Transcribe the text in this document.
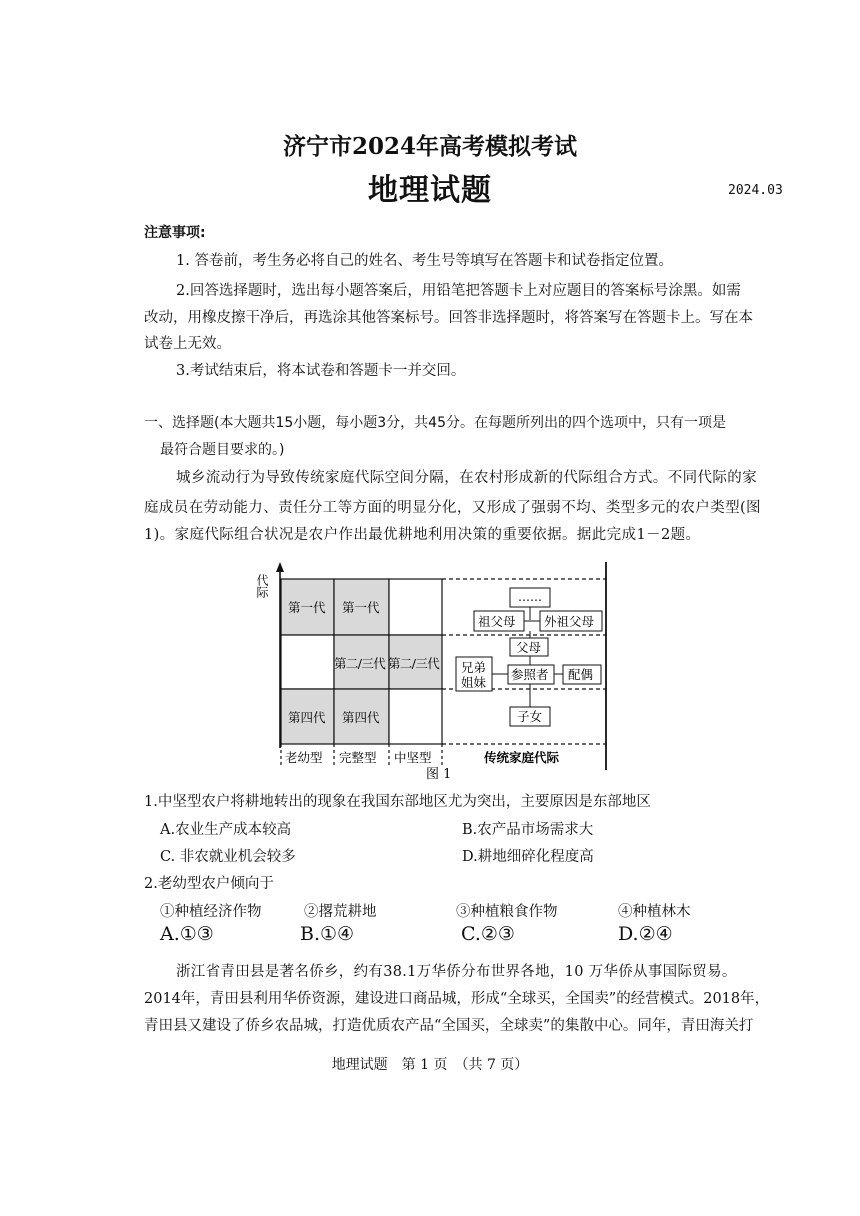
济宁市2024年高考模拟考试
地理试题	2024.03
注意事项:
1. 答卷前，考生务必将自己的姓名、考生号等填写在答题卡和试卷指定位置。
2.回答选择题时，选出每小题答案后，用铅笔把答题卡上对应题目的答案标号涂黑。如需
改动，用橡皮擦干净后，再选涂其他答案标号。回答非选择题时，将答案写在答题卡上。写在本
试卷上无效。
3.考试结束后，将本试卷和答题卡一并交回。
一、选择题(本大题共15小题，每小题3分，共45分。在每题所列出的四个选项中，只有一项是
最符合题目要求的。)
城乡流动行为导致传统家庭代际空间分隔，在农村形成新的代际组合方式。不同代际的家
庭成员在劳动能力、责任分工等方面的明显分化，又形成了强弱不均、类型多元的农户类型(图
1)。家庭代际组合状况是农户作出最优耕地利用决策的重要依据。据此完成1－2题。
代际
第一代 第一代
第二/三代 第二/三代
第四代 第四代
老幼型 完整型 中坚型	传统家庭代际
图 1
……
祖父母 外祖父母
父母
兄弟
姐妹
参照者 配偶
子女
1.中坚型农户将耕地转出的现象在我国东部地区尤为突出，主要原因是东部地区
A.农业生产成本较高	B.农产品市场需求大
C. 非农就业机会较多	D.耕地细碎化程度高
2.老幼型农户倾向于
①种植经济作物	②撂荒耕地	③种植粮食作物	④种植林木
A.①③	B.①④	C.②③	D.②④
浙江省青田县是著名侨乡，约有38.1万华侨分布世界各地，10 万华侨从事国际贸易。
2014年，青田县利用华侨资源，建设进口商品城，形成“全球买，全国卖”的经营模式。2018年，
青田县又建设了侨乡农品城，打造优质农产品“全国买，全球卖”的集散中心。同年，青田海关打
地理试题　第 1 页　（共 7 页）
